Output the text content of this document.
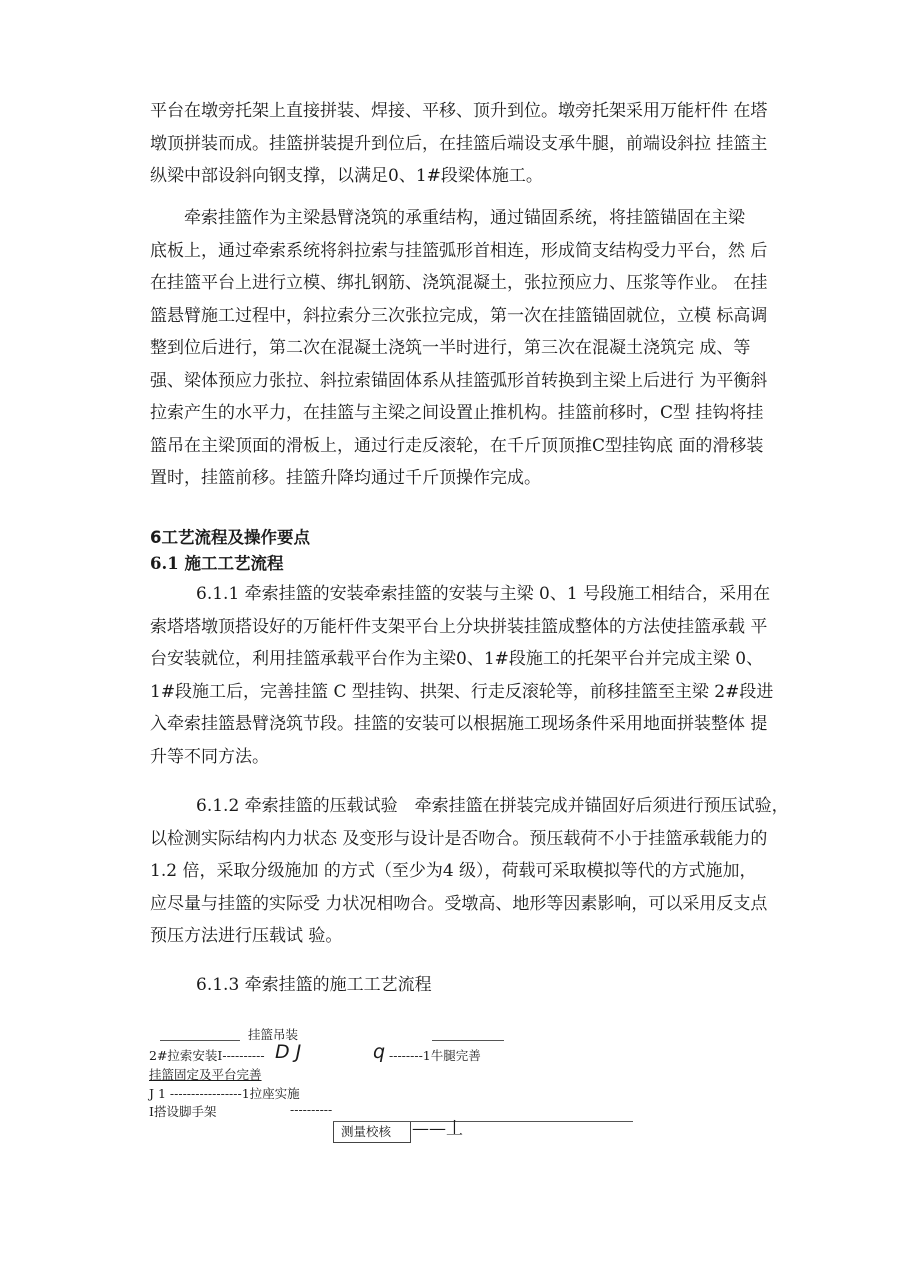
平台在墩旁托架上直接拼装、焊接、平移、顶升到位。墩旁托架采用万能杆件 在塔
墩顶拼装而成。挂篮拼装提升到位后，在挂篮后端设支承牛腿，前端设斜拉 挂篮主
纵梁中部设斜向钢支撑，以满足0、1#段梁体施工。

牵索挂篮作为主梁悬臂浇筑的承重结构，通过锚固系统，将挂篮锚固在主梁
底板上，通过牵索系统将斜拉索与挂篮弧形首相连，形成简支结构受力平台，然 后
在挂篮平台上进行立模、绑扎钢筋、浇筑混凝土，张拉预应力、压浆等作业。 在挂
篮悬臂施工过程中，斜拉索分三次张拉完成，第一次在挂篮锚固就位，立模 标高调
整到位后进行，第二次在混凝土浇筑一半时进行，第三次在混凝土浇筑完 成、等
强、梁体预应力张拉、斜拉索锚固体系从挂篮弧形首转换到主梁上后进行 为平衡斜
拉索产生的水平力，在挂篮与主梁之间设置止推机构。挂篮前移时，C型 挂钩将挂
篮吊在主梁顶面的滑板上，通过行走反滚轮，在千斤顶顶推C型挂钩底 面的滑移装
置时，挂篮前移。挂篮升降均通过千斤顶操作完成。

6工艺流程及操作要点
6.1 施工工艺流程

6.1.1 牵索挂篮的安装牵索挂篮的安装与主梁 0、1 号段施工相结合，采用在
索塔塔墩顶搭设好的万能杆件支架平台上分块拼装挂篮成整体的方法使挂篮承载 平
台安装就位，利用挂篮承载平台作为主梁0、1#段施工的托架平台并完成主梁 0、
1#段施工后，完善挂篮 C 型挂钩、拱架、行走反滚轮等，前移挂篮至主梁 2#段进
入牵索挂篮悬臂浇筑节段。挂篮的安装可以根据施工现场条件采用地面拼装整体 提
升等不同方法。

6.1.2 牵索挂篮的压载试验　牵索挂篮在拼装完成并锚固好后须进行预压试验，
以检测实际结构内力状态 及变形与设计是否吻合。预压载荷不小于挂篮承载能力的
1.2 倍，采取分级施加 的方式（至少为4 级），荷载可采取模拟等代的方式施加，
应尽量与挂篮的实际受 力状况相吻合。受墩高、地形等因素影响，可以采用反支点
预压方法进行压载试 验。

6.1.3 牵索挂篮的施工工艺流程

挂篮吊装
2#拉索安装I---------- D J	q --------1牛腿完善
挂篮固定及平台完善
J 1 -----------------1拉座实施
I搭设脚手架	----------
测量校核 ——丄
